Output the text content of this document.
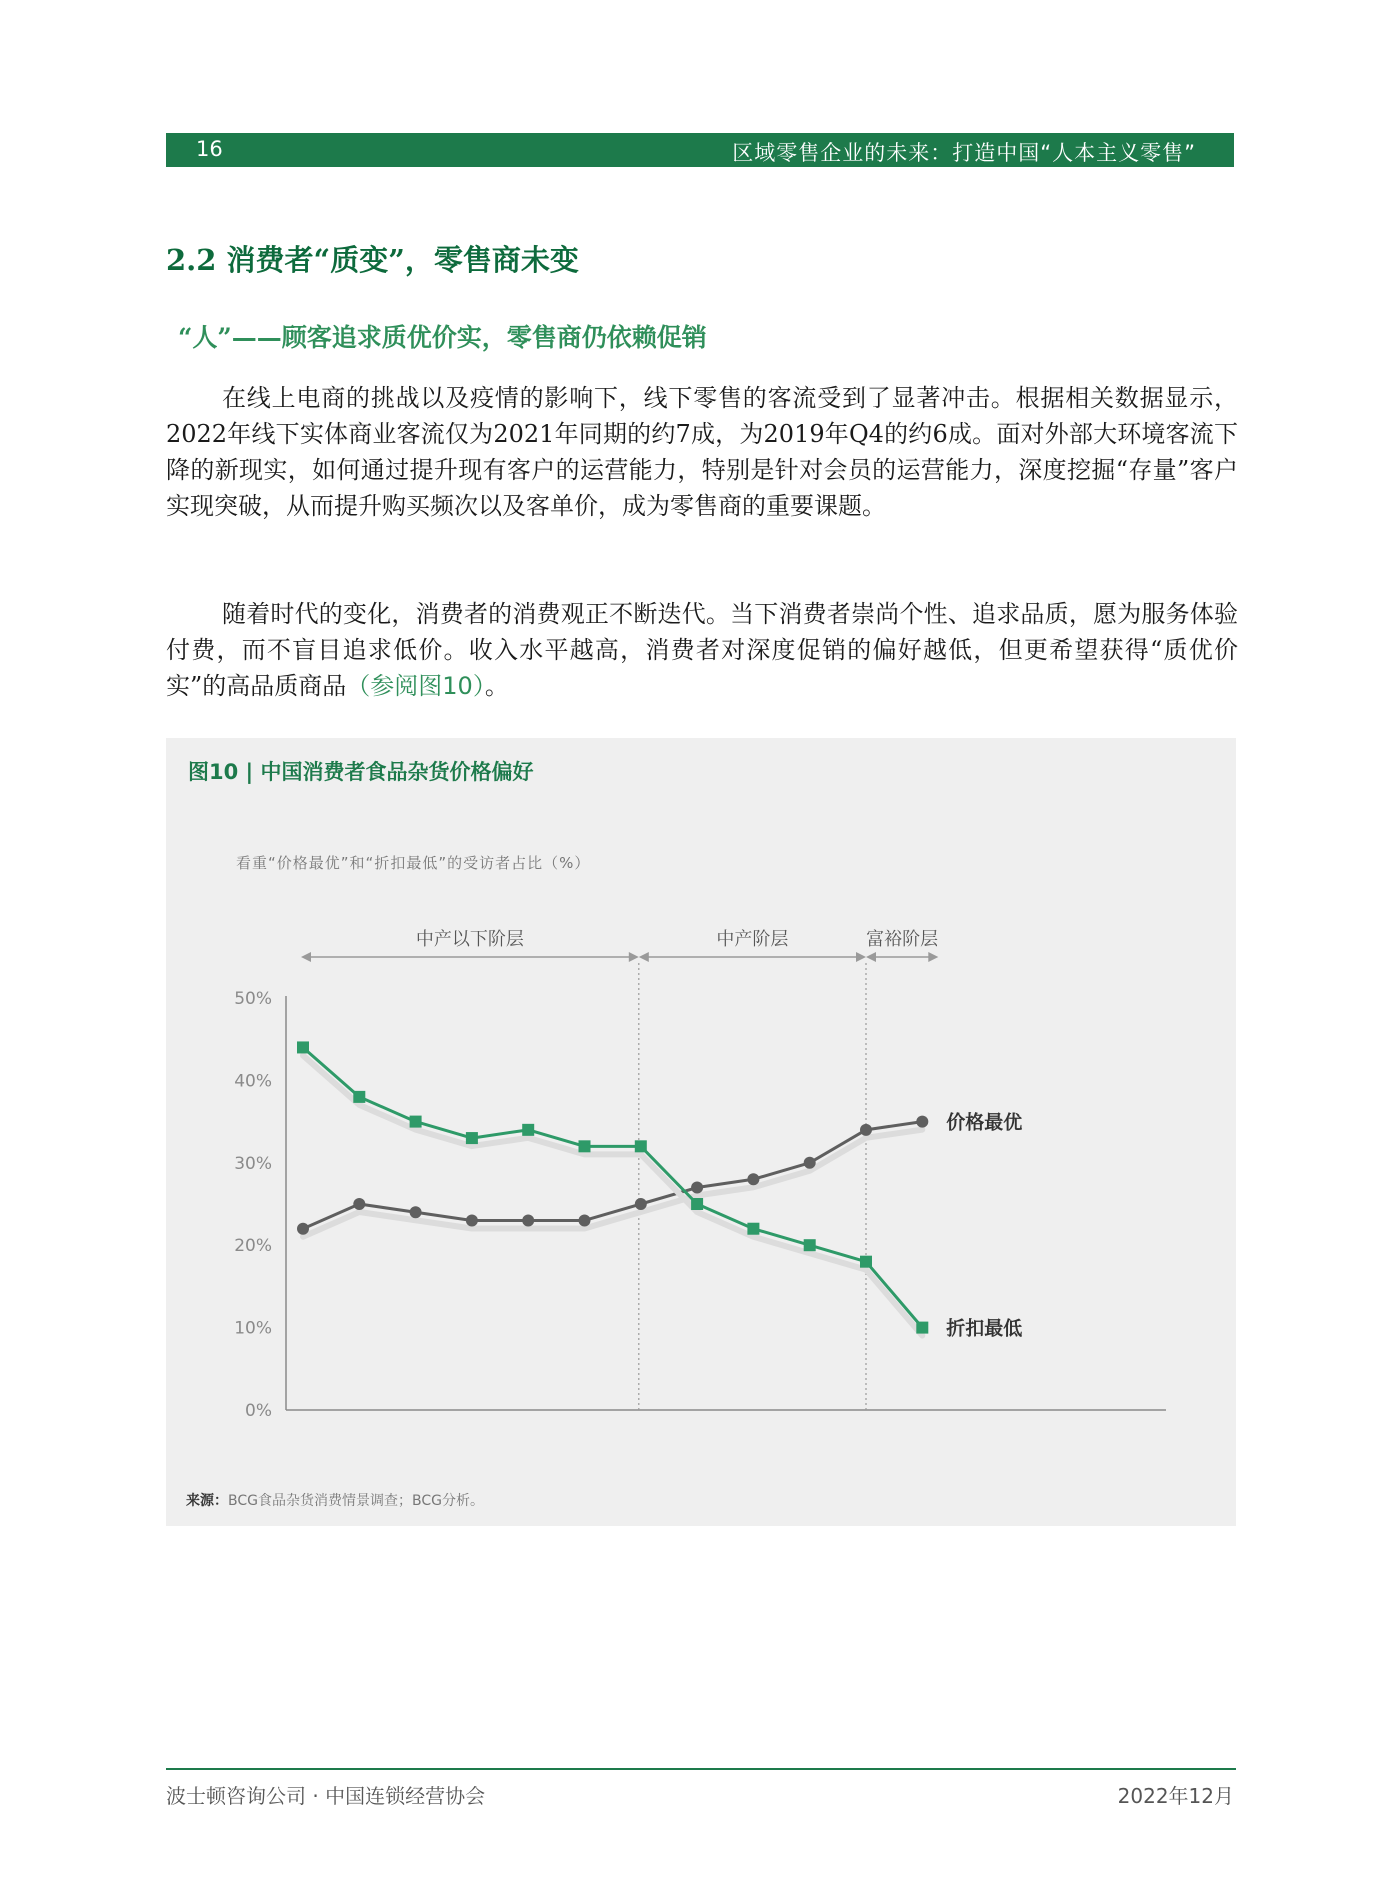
16	区域零售企业的未来：打造中国“人本主义零售”
2.2 消费者“质变”，零售商未变
“人”——顾客追求质优价实，零售商仍依赖促销
在线上电商的挑战以及疫情的影响下，线下零售的客流受到了显著冲击。根据相关数据显示，2022年线下实体商业客流仅为2021年同期的约7成，为2019年Q4的约6成。面对外部大环境客流下降的新现实，如何通过提升现有客户的运营能力，特别是针对会员的运营能力，深度挖掘“存量”客户实现突破，从而提升购买频次以及客单价，成为零售商的重要课题。
随着时代的变化，消费者的消费观正不断迭代。当下消费者崇尚个性、追求品质，愿为服务体验付费，而不盲目追求低价。收入水平越高，消费者对深度促销的偏好越低，但更希望获得“质优价实”的高品质商品（参阅图10）。
图10 | 中国消费者食品杂货价格偏好
看重“价格最优”和“折扣最低”的受访者占比（%）
0%
10%
20%
30%
40%
50%
中产以下阶层	中产阶层	富裕阶层
价格最优
折扣最低
来源：BCG食品杂货消费情景调查；BCG分析。
波士顿咨询公司 · 中国连锁经营协会	2022年12月
